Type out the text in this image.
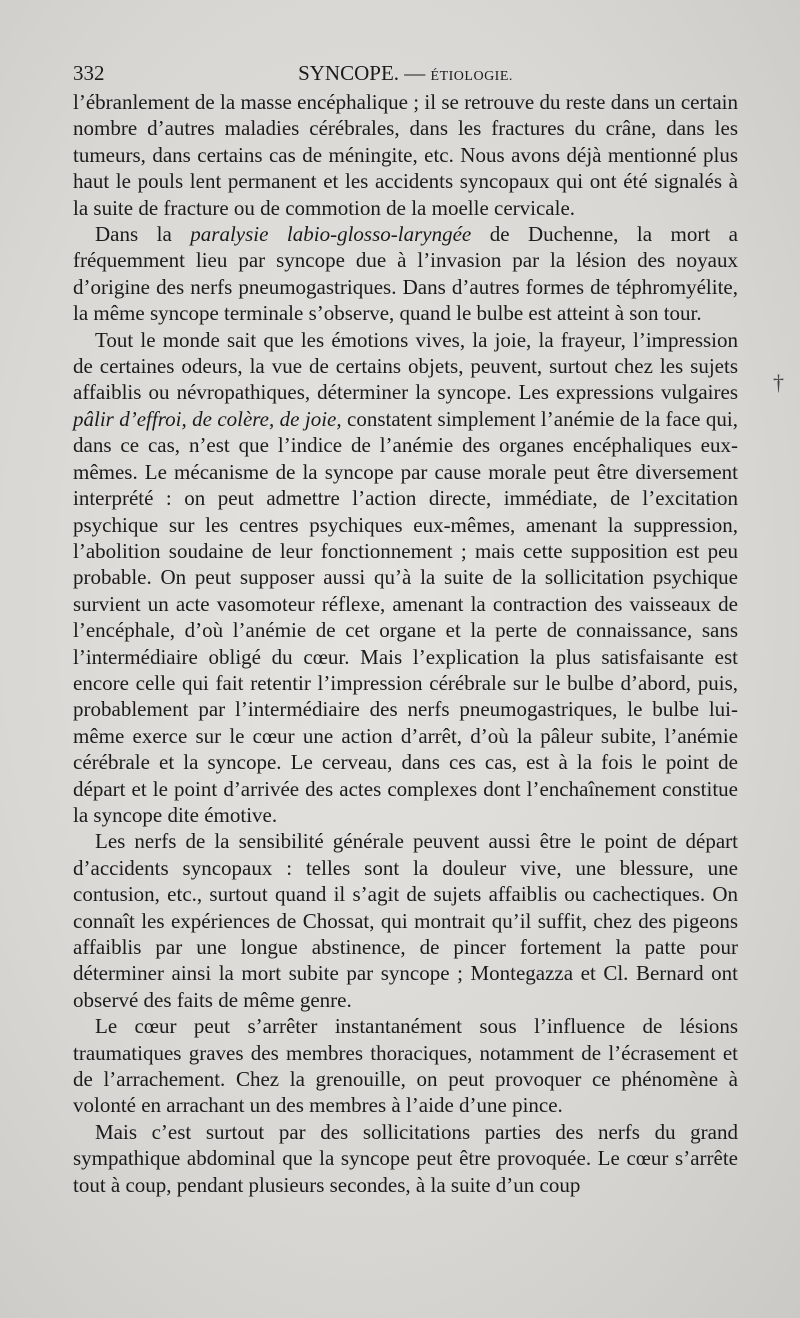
332	SYNCOPE. — ÉTIOLOGIE.

l’ébranlement de la masse encéphalique ; il se retrouve du reste dans un certain nombre d’autres maladies cérébrales, dans les fractures du crâne, dans les tumeurs, dans certains cas de méningite, etc. Nous avons déjà mentionné plus haut le pouls lent permanent et les accidents syncopaux qui ont été signalés à la suite de fracture ou de commotion de la moelle cervicale.

Dans la paralysie labio-glosso-laryngée de Duchenne, la mort a fréquemment lieu par syncope due à l’invasion par la lésion des noyaux d’origine des nerfs pneumogastriques. Dans d’autres formes de téphromyélite, la même syncope terminale s’observe, quand le bulbe est atteint à son tour.

Tout le monde sait que les émotions vives, la joie, la frayeur, l’impression de certaines odeurs, la vue de certains objets, peuvent, surtout chez les sujets affaiblis ou névropathiques, déterminer la syncope. Les expressions vulgaires pâlir d’effroi, de colère, de joie, constatent simplement l’anémie de la face qui, dans ce cas, n’est que l’indice de l’anémie des organes encéphaliques eux-mêmes. Le mécanisme de la syncope par cause morale peut être diversement interprété : on peut admettre l’action directe, immédiate, de l’excitation psychique sur les centres psychiques eux-mêmes, amenant la suppression, l’abolition soudaine de leur fonctionnement ; mais cette supposition est peu probable. On peut supposer aussi qu’à la suite de la sollicitation psychique survient un acte vasomoteur réflexe, amenant la contraction des vaisseaux de l’encéphale, d’où l’anémie de cet organe et la perte de connaissance, sans l’intermédiaire obligé du cœur. Mais l’explication la plus satisfaisante est encore celle qui fait retentir l’impression cérébrale sur le bulbe d’abord, puis, probablement par l’intermédiaire des nerfs pneumogastriques, le bulbe lui-même exerce sur le cœur une action d’arrêt, d’où la pâleur subite, l’anémie cérébrale et la syncope. Le cerveau, dans ces cas, est à la fois le point de départ et le point d’arrivée des actes complexes dont l’enchaînement constitue la syncope dite émotive.

Les nerfs de la sensibilité générale peuvent aussi être le point de départ d’accidents syncopaux : telles sont la douleur vive, une blessure, une contusion, etc., surtout quand il s’agit de sujets affaiblis ou cachectiques. On connaît les expériences de Chossat, qui montrait qu’il suffit, chez des pigeons affaiblis par une longue abstinence, de pincer fortement la patte pour déterminer ainsi la mort subite par syncope ; Montegazza et Cl. Bernard ont observé des faits de même genre.

Le cœur peut s’arrêter instantanément sous l’influence de lésions traumatiques graves des membres thoraciques, notamment de l’écrasement et de l’arrachement. Chez la grenouille, on peut provoquer ce phénomène à volonté en arrachant un des membres à l’aide d’une pince.

Mais c’est surtout par des sollicitations parties des nerfs du grand sympathique abdominal que la syncope peut être provoquée. Le cœur s’arrête tout à coup, pendant plusieurs secondes, à la suite d’un coup

†
